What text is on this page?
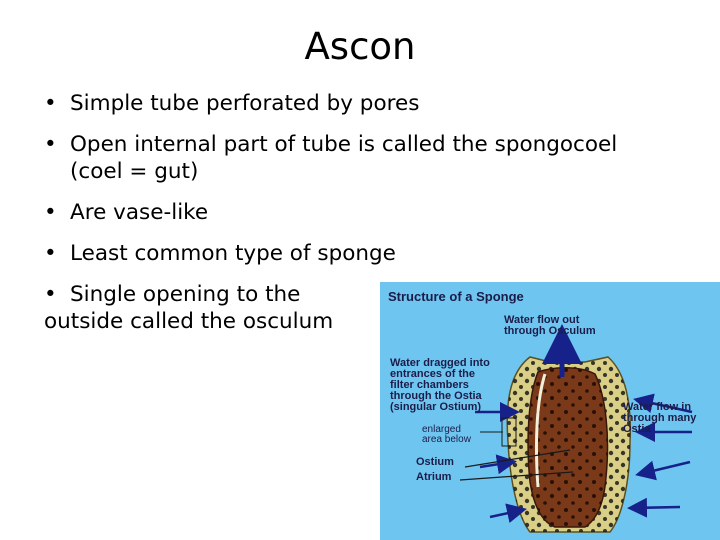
Ascon
• Simple tube perforated by pores
• Open internal part of tube is called the spongocoel
(coel = gut)
• Are vase-like
• Least common type of sponge
• Single opening to the
outside called the osculum
Structure of a Sponge
Water flow out
through Osculum
Water dragged into
entrances of the
filter chambers
through the Ostia
(singular Ostium)	Water flow in
through many
Ostia
enlarged
area below
Ostium
Atrium
